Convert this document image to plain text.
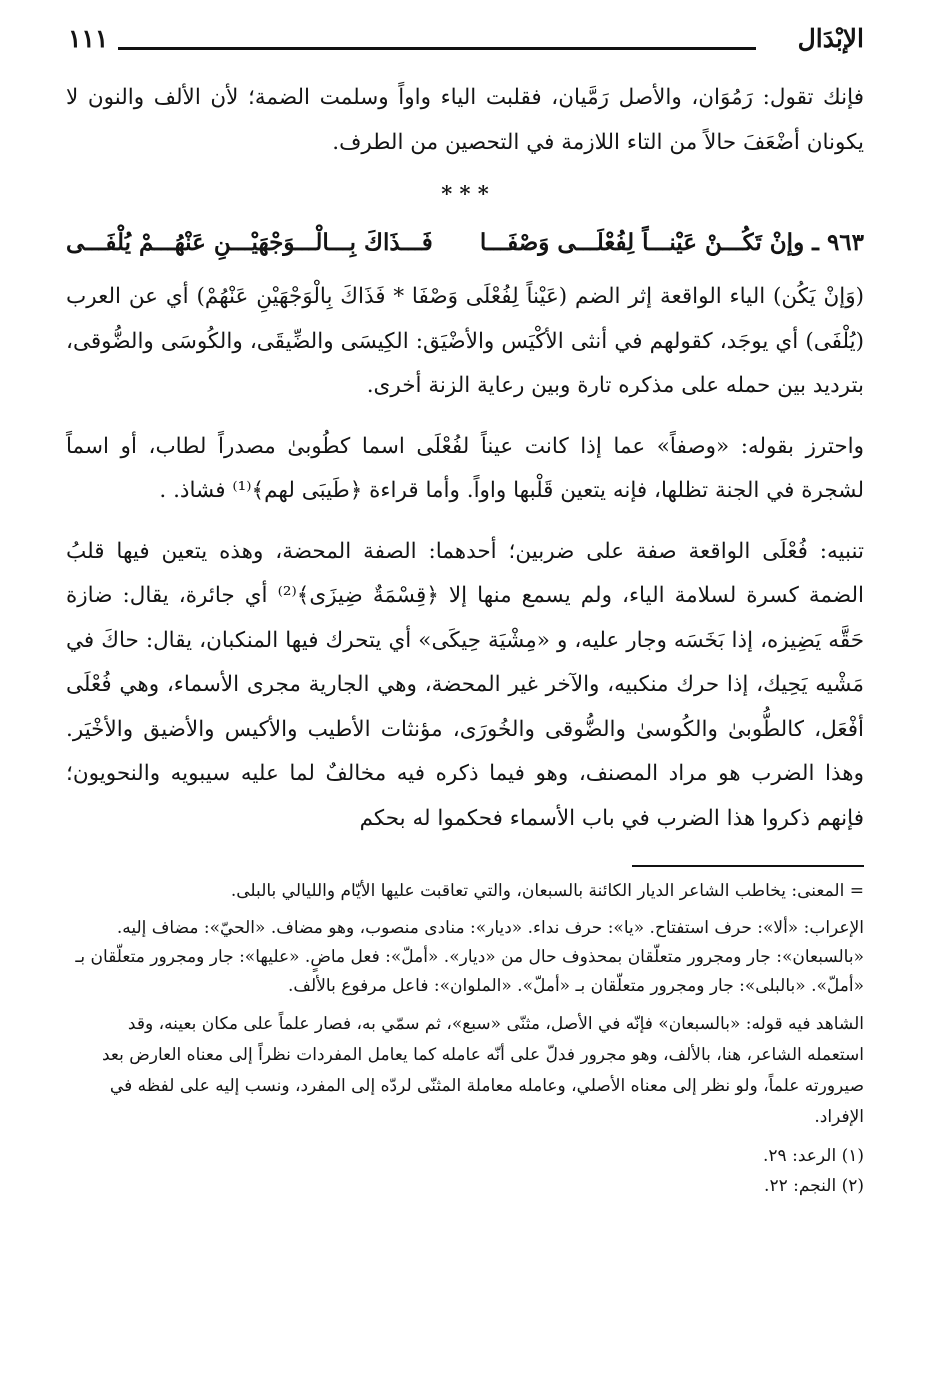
الإبْدَال
١١١

فإنك تقول: رَمُوَان، والأصل رَمَّيان، فقلبت الياء واواً وسلمت الضمة؛ لأن الألف والنون لا يكونان أضْعَفَ حالاً من التاء اللازمة في التحصين من الطرف.

* * *
٩٦٣ ـ وإنْ تَكُـــنْ عَيْنـــاً لِفُعْلَـــى وَصْفَـــا
فَـــذَاكَ بِـــالْـــوَجْهَيْـــنِ عَنْهُـــمْ يُلْفَـــى

(وَإنْ يَكُن) الياء الواقعة إثر الضم (عَيْناً لِفُعْلَى وَصْفَا * فَذَاكَ بِالْوَجْهَيْنِ عَنْهُمْ) أي عن العرب (يُلْفَى) أي يوجَد، كقولهم في أنثى الأكْيَس والأضْيَق: الكِيسَى والضِّيقَى، والكُوسَى والضُّوقى، بترديد بين حمله على مذكره تارة وبين رعاية الزنة أخرى.

واحترز بقوله: «وصفاً» عما إذا كانت عيناً لفُعْلَى اسما كطُوبىٰ مصدراً لطاب، أو اسماً لشجرة في الجنة تظلها، فإنه يتعين قَلْبها واواً. وأما قراءة ﴿طَيبَى لهم﴾⁽¹⁾ فشاذ. .

تنبيه: فُعْلَى الواقعة صفة على ضربين؛ أحدهما: الصفة المحضة، وهذه يتعين فيها قلبُ الضمة كسرة لسلامة الياء، ولم يسمع منها إلا ﴿قِسْمَةٌ ضِيزَى﴾⁽²⁾ أي جائرة، يقال: ضازة حَقَّه يَضِيزه، إذا بَخَسَه وجار عليه، و «مِشْيَة حِيكَى» أي يتحرك فيها المنكبان، يقال: حاكَ في مَشْيه يَحِيك، إذا حرك منكبيه، والآخر غير المحضة، وهي الجارية مجرى الأسماء، وهي فُعْلَى أفْعَل، كالطُّوبىٰ والكُوسىٰ والضُّوقى والخُورَى، مؤنثات الأطيب والأكيس والأضيق والأخْيَر. وهذا الضرب هو مراد المصنف، وهو فيما ذكره فيه مخالفٌ لما عليه سيبويه والنحويون؛ فإنهم ذكروا هذا الضرب في باب الأسماء فحكموا له بحكم

= المعنى: يخاطب الشاعر الديار الكائنة بالسبعان، والتي تعاقبت عليها الأيّام والليالي بالبلى.

الإعراب: «ألا»: حرف استفتاح. «يا»: حرف نداء. «ديار»: منادى منصوب، وهو مضاف. «الحيّ»: مضاف إليه. «بالسبعان»: جار ومجرور متعلّقان بمحذوف حال من «ديار». «أملّ»: فعل ماضٍ. «عليها»: جار ومجرور متعلّقان بـ «أملّ». «بالبلى»: جار ومجرور متعلّقان بـ «أملّ». «الملوان»: فاعل مرفوع بالألف.

الشاهد فيه قوله: «بالسبعان» فإنّه في الأصل، مثنّى «سبع»، ثم سمّي به، فصار علماً على مكان بعينه، وقد استعمله الشاعر، هنا، بالألف، وهو مجرور فدلّ على أنّه عامله كما يعامل المفردات نظراً إلى معناه العارض بعد صيرورته علماً، ولو نظر إلى معناه الأصلي، وعامله معاملة المثنّى لردّه إلى المفرد، ونسب إليه على لفظه في الإفراد.

(١) الرعد: ٢٩.

(٢) النجم: ٢٢.
